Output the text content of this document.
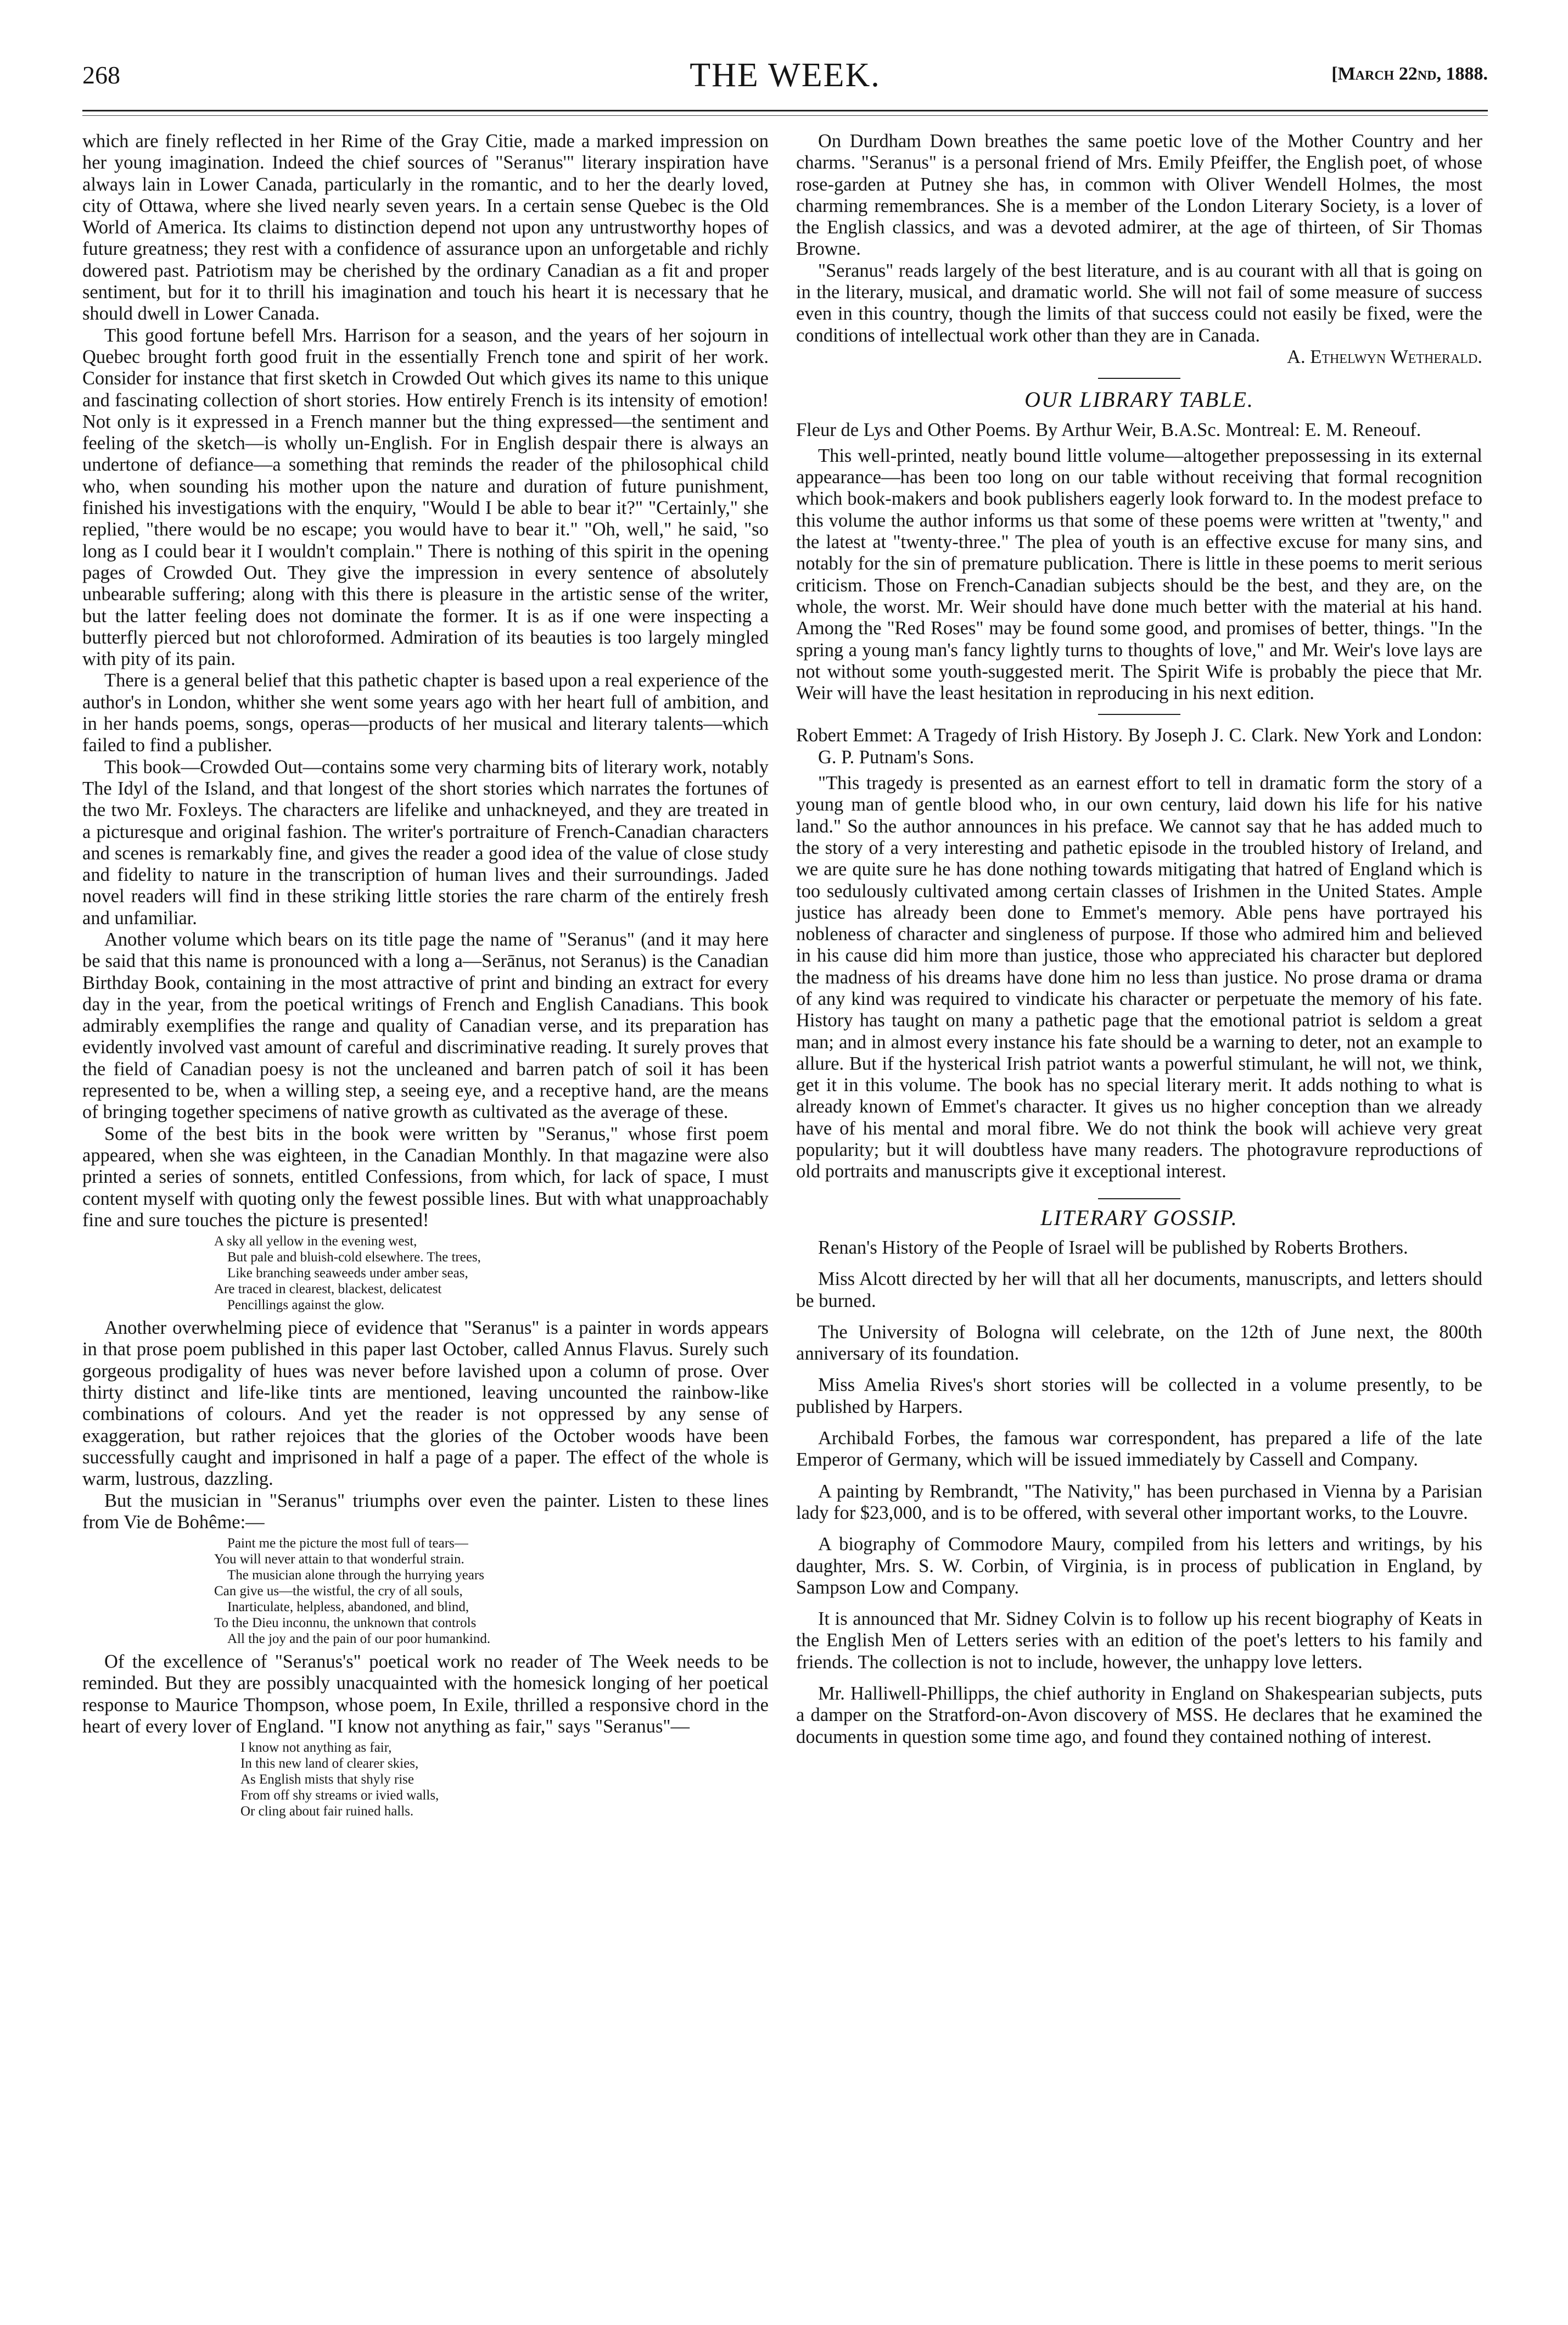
268	THE WEEK.	[March 22nd, 1888.

which are finely reflected in her Rime of the Gray Citie, made a marked impression on her young imagination. Indeed the chief sources of "Seranus'" literary inspiration have always lain in Lower Canada, particularly in the romantic, and to her the dearly loved, city of Ottawa, where she lived nearly seven years. In a certain sense Quebec is the Old World of America. Its claims to distinction depend not upon any untrustworthy hopes of future greatness; they rest with a confidence of assurance upon an unforgetable and richly dowered past. Patriotism may be cherished by the ordinary Canadian as a fit and proper sentiment, but for it to thrill his imagination and touch his heart it is necessary that he should dwell in Lower Canada.

This good fortune befell Mrs. Harrison for a season, and the years of her sojourn in Quebec brought forth good fruit in the essentially French tone and spirit of her work. Consider for instance that first sketch in Crowded Out which gives its name to this unique and fascinating collection of short stories. How entirely French is its intensity of emotion! Not only is it expressed in a French manner but the thing expressed—the sentiment and feeling of the sketch—is wholly un-English. For in English despair there is always an undertone of defiance—a something that reminds the reader of the philosophical child who, when sounding his mother upon the nature and duration of future punishment, finished his investigations with the enquiry, "Would I be able to bear it?" "Certainly," she replied, "there would be no escape; you would have to bear it." "Oh, well," he said, "so long as I could bear it I wouldn't complain." There is nothing of this spirit in the opening pages of Crowded Out. They give the impression in every sentence of absolutely unbearable suffering; along with this there is pleasure in the artistic sense of the writer, but the latter feeling does not dominate the former. It is as if one were inspecting a butterfly pierced but not chloroformed. Admiration of its beauties is too largely mingled with pity of its pain.

There is a general belief that this pathetic chapter is based upon a real experience of the author's in London, whither she went some years ago with her heart full of ambition, and in her hands poems, songs, operas—products of her musical and literary talents—which failed to find a publisher.

This book—Crowded Out—contains some very charming bits of literary work, notably The Idyl of the Island, and that longest of the short stories which narrates the fortunes of the two Mr. Foxleys. The characters are lifelike and unhackneyed, and they are treated in a picturesque and original fashion. The writer's portraiture of French-Canadian characters and scenes is remarkably fine, and gives the reader a good idea of the value of close study and fidelity to nature in the transcription of human lives and their surroundings. Jaded novel readers will find in these striking little stories the rare charm of the entirely fresh and unfamiliar.

Another volume which bears on its title page the name of "Seranus" (and it may here be said that this name is pronounced with a long a—Serānus, not Seranus) is the Canadian Birthday Book, containing in the most attractive of print and binding an extract for every day in the year, from the poetical writings of French and English Canadians. This book admirably exemplifies the range and quality of Canadian verse, and its preparation has evidently involved vast amount of careful and discriminative reading. It surely proves that the field of Canadian poesy is not the uncleaned and barren patch of soil it has been represented to be, when a willing step, a seeing eye, and a receptive hand, are the means of bringing together specimens of native growth as cultivated as the average of these.

Some of the best bits in the book were written by "Seranus," whose first poem appeared, when she was eighteen, in the Canadian Monthly. In that magazine were also printed a series of sonnets, entitled Confessions, from which, for lack of space, I must content myself with quoting only the fewest possible lines. But with what unapproachably fine and sure touches the picture is presented!

A sky all yellow in the evening west,
But pale and bluish-cold elsewhere. The trees,
Like branching seaweeds under amber seas,
Are traced in clearest, blackest, delicatest
Pencillings against the glow.

Another overwhelming piece of evidence that "Seranus" is a painter in words appears in that prose poem published in this paper last October, called Annus Flavus. Surely such gorgeous prodigality of hues was never before lavished upon a column of prose. Over thirty distinct and life-like tints are mentioned, leaving uncounted the rainbow-like combinations of colours. And yet the reader is not oppressed by any sense of exaggeration, but rather rejoices that the glories of the October woods have been successfully caught and imprisoned in half a page of a paper. The effect of the whole is warm, lustrous, dazzling.

But the musician in "Seranus" triumphs over even the painter. Listen to these lines from Vie de Bohême:—

Paint me the picture the most full of tears—
You will never attain to that wonderful strain.
The musician alone through the hurrying years
Can give us—the wistful, the cry of all souls,
Inarticulate, helpless, abandoned, and blind,
To the Dieu inconnu, the unknown that controls
All the joy and the pain of our poor humankind.

Of the excellence of "Seranus's" poetical work no reader of The Week needs to be reminded. But they are possibly unacquainted with the homesick longing of her poetical response to Maurice Thompson, whose poem, In Exile, thrilled a responsive chord in the heart of every lover of England. "I know not anything as fair," says "Seranus"—

I know not anything as fair,
In this new land of clearer skies,
As English mists that shyly rise
From off shy streams or ivied walls,
Or cling about fair ruined halls.

On Durdham Down breathes the same poetic love of the Mother Country and her charms. "Seranus" is a personal friend of Mrs. Emily Pfeiffer, the English poet, of whose rose-garden at Putney she has, in common with Oliver Wendell Holmes, the most charming remembrances. She is a member of the London Literary Society, is a lover of the English classics, and was a devoted admirer, at the age of thirteen, of Sir Thomas Browne.

"Seranus" reads largely of the best literature, and is au courant with all that is going on in the literary, musical, and dramatic world. She will not fail of some measure of success even in this country, though the limits of that success could not easily be fixed, were the conditions of intellectual work other than they are in Canada.

A. Ethelwyn Wetherald.

OUR LIBRARY TABLE.

Fleur de Lys and Other Poems. By Arthur Weir, B.A.Sc. Montreal: E. M. Reneouf.

This well-printed, neatly bound little volume—altogether prepossessing in its external appearance—has been too long on our table without receiving that formal recognition which book-makers and book publishers eagerly look forward to. In the modest preface to this volume the author informs us that some of these poems were written at "twenty," and the latest at "twenty-three." The plea of youth is an effective excuse for many sins, and notably for the sin of premature publication. There is little in these poems to merit serious criticism. Those on French-Canadian subjects should be the best, and they are, on the whole, the worst. Mr. Weir should have done much better with the material at his hand. Among the "Red Roses" may be found some good, and promises of better, things. "In the spring a young man's fancy lightly turns to thoughts of love," and Mr. Weir's love lays are not without some youth-suggested merit. The Spirit Wife is probably the piece that Mr. Weir will have the least hesitation in reproducing in his next edition.

Robert Emmet: A Tragedy of Irish History. By Joseph J. C. Clark. New York and London: G. P. Putnam's Sons.

"This tragedy is presented as an earnest effort to tell in dramatic form the story of a young man of gentle blood who, in our own century, laid down his life for his native land." So the author announces in his preface. We cannot say that he has added much to the story of a very interesting and pathetic episode in the troubled history of Ireland, and we are quite sure he has done nothing towards mitigating that hatred of England which is too sedulously cultivated among certain classes of Irishmen in the United States. Ample justice has already been done to Emmet's memory. Able pens have portrayed his nobleness of character and singleness of purpose. If those who admired him and believed in his cause did him more than justice, those who appreciated his character but deplored the madness of his dreams have done him no less than justice. No prose drama or drama of any kind was required to vindicate his character or perpetuate the memory of his fate. History has taught on many a pathetic page that the emotional patriot is seldom a great man; and in almost every instance his fate should be a warning to deter, not an example to allure. But if the hysterical Irish patriot wants a powerful stimulant, he will not, we think, get it in this volume. The book has no special literary merit. It adds nothing to what is already known of Emmet's character. It gives us no higher conception than we already have of his mental and moral fibre. We do not think the book will achieve very great popularity; but it will doubtless have many readers. The photogravure reproductions of old portraits and manuscripts give it exceptional interest.

LITERARY GOSSIP.

Renan's History of the People of Israel will be published by Roberts Brothers.

Miss Alcott directed by her will that all her documents, manuscripts, and letters should be burned.

The University of Bologna will celebrate, on the 12th of June next, the 800th anniversary of its foundation.

Miss Amelia Rives's short stories will be collected in a volume presently, to be published by Harpers.

Archibald Forbes, the famous war correspondent, has prepared a life of the late Emperor of Germany, which will be issued immediately by Cassell and Company.

A painting by Rembrandt, "The Nativity," has been purchased in Vienna by a Parisian lady for $23,000, and is to be offered, with several other important works, to the Louvre.

A biography of Commodore Maury, compiled from his letters and writings, by his daughter, Mrs. S. W. Corbin, of Virginia, is in process of publication in England, by Sampson Low and Company.

It is announced that Mr. Sidney Colvin is to follow up his recent biography of Keats in the English Men of Letters series with an edition of the poet's letters to his family and friends. The collection is not to include, however, the unhappy love letters.

Mr. Halliwell-Phillipps, the chief authority in England on Shakespearian subjects, puts a damper on the Stratford-on-Avon discovery of MSS. He declares that he examined the documents in question some time ago, and found they contained nothing of interest.
